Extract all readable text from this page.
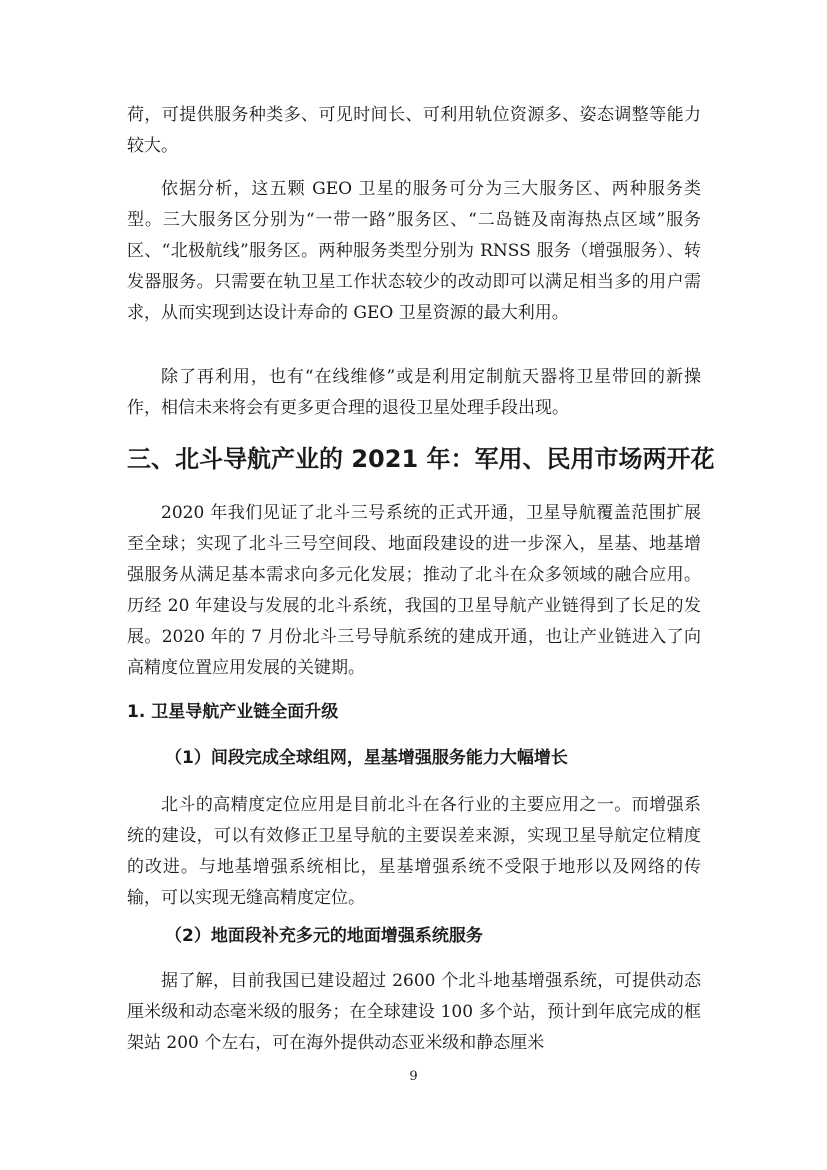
荷，可提供服务种类多、可见时间长、可利用轨位资源多、姿态调整等能力较大。

依据分析，这五颗 GEO 卫星的服务可分为三大服务区、两种服务类型。三大服务区分别为“一带一路”服务区、“二岛链及南海热点区域”服务区、“北极航线”服务区。两种服务类型分别为 RNSS 服务（增强服务）、转发器服务。只需要在轨卫星工作状态较少的改动即可以满足相当多的用户需求，从而实现到达设计寿命的 GEO 卫星资源的最大利用。

除了再利用，也有“在线维修”或是利用定制航天器将卫星带回的新操作，相信未来将会有更多更合理的退役卫星处理手段出现。

三、北斗导航产业的 2021 年：军用、民用市场两开花

2020 年我们见证了北斗三号系统的正式开通，卫星导航覆盖范围扩展至全球；实现了北斗三号空间段、地面段建设的进一步深入，星基、地基增强服务从满足基本需求向多元化发展；推动了北斗在众多领域的融合应用。历经 20 年建设与发展的北斗系统，我国的卫星导航产业链得到了长足的发展。2020 年的 7 月份北斗三号导航系统的建成开通，也让产业链进入了向高精度位置应用发展的关键期。

1. 卫星导航产业链全面升级
（1）间段完成全球组网，星基增强服务能力大幅增长

北斗的高精度定位应用是目前北斗在各行业的主要应用之一。而增强系统的建设，可以有效修正卫星导航的主要误差来源，实现卫星导航定位精度的改进。与地基增强系统相比，星基增强系统不受限于地形以及网络的传输，可以实现无缝高精度定位。

（2）地面段补充多元的地面增强系统服务

据了解，目前我国已建设超过 2600 个北斗地基增强系统，可提供动态厘米级和动态毫米级的服务；在全球建设 100 多个站，预计到年底完成的框架站 200 个左右，可在海外提供动态亚米级和静态厘米

9
